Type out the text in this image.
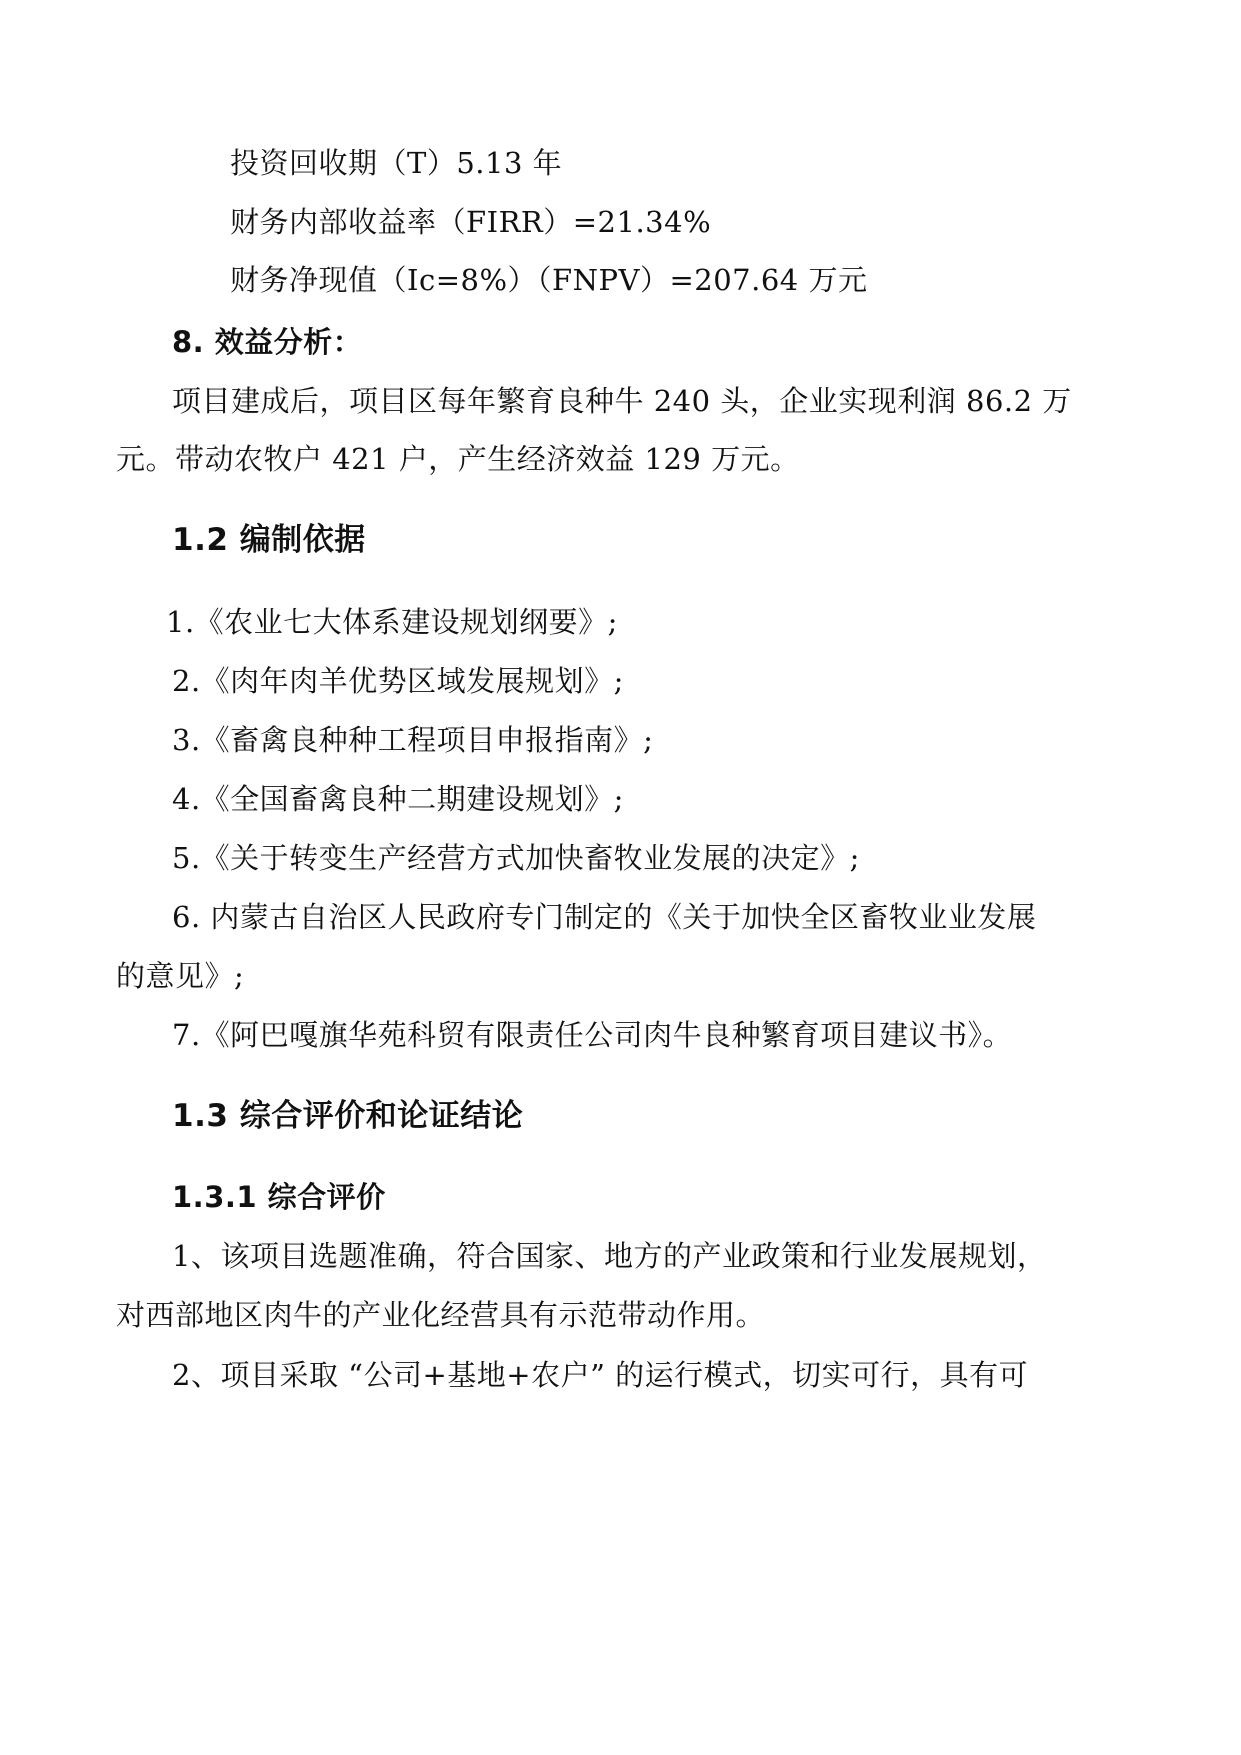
投资回收期（T）5.13 年
财务内部收益率（FIRR）=21.34%
财务净现值（Ic=8%）（FNPV）=207.64 万元
8. 效益分析：
项目建成后，项目区每年繁育良种牛 240 头，企业实现利润 86.2 万
元。带动农牧户 421 户，产生经济效益 129 万元。
1.2 编制依据
1.《农业七大体系建设规划纲要》;
2.《肉年肉羊优势区域发展规划》;
3.《畜禽良种种工程项目申报指南》;
4.《全国畜禽良种二期建设规划》;
5.《关于转变生产经营方式加快畜牧业发展的决定》;
6. 内蒙古自治区人民政府专门制定的《关于加快全区畜牧业业发展
的意见》;
7.《阿巴嘎旗华苑科贸有限责任公司肉牛良种繁育项目建议书》。
1.3 综合评价和论证结论
1.3.1 综合评价
1、该项目选题准确，符合国家、地方的产业政策和行业发展规划，
对西部地区肉牛的产业化经营具有示范带动作用。
2、项目采取 “公司+基地+农户” 的运行模式，切实可行，具有可
